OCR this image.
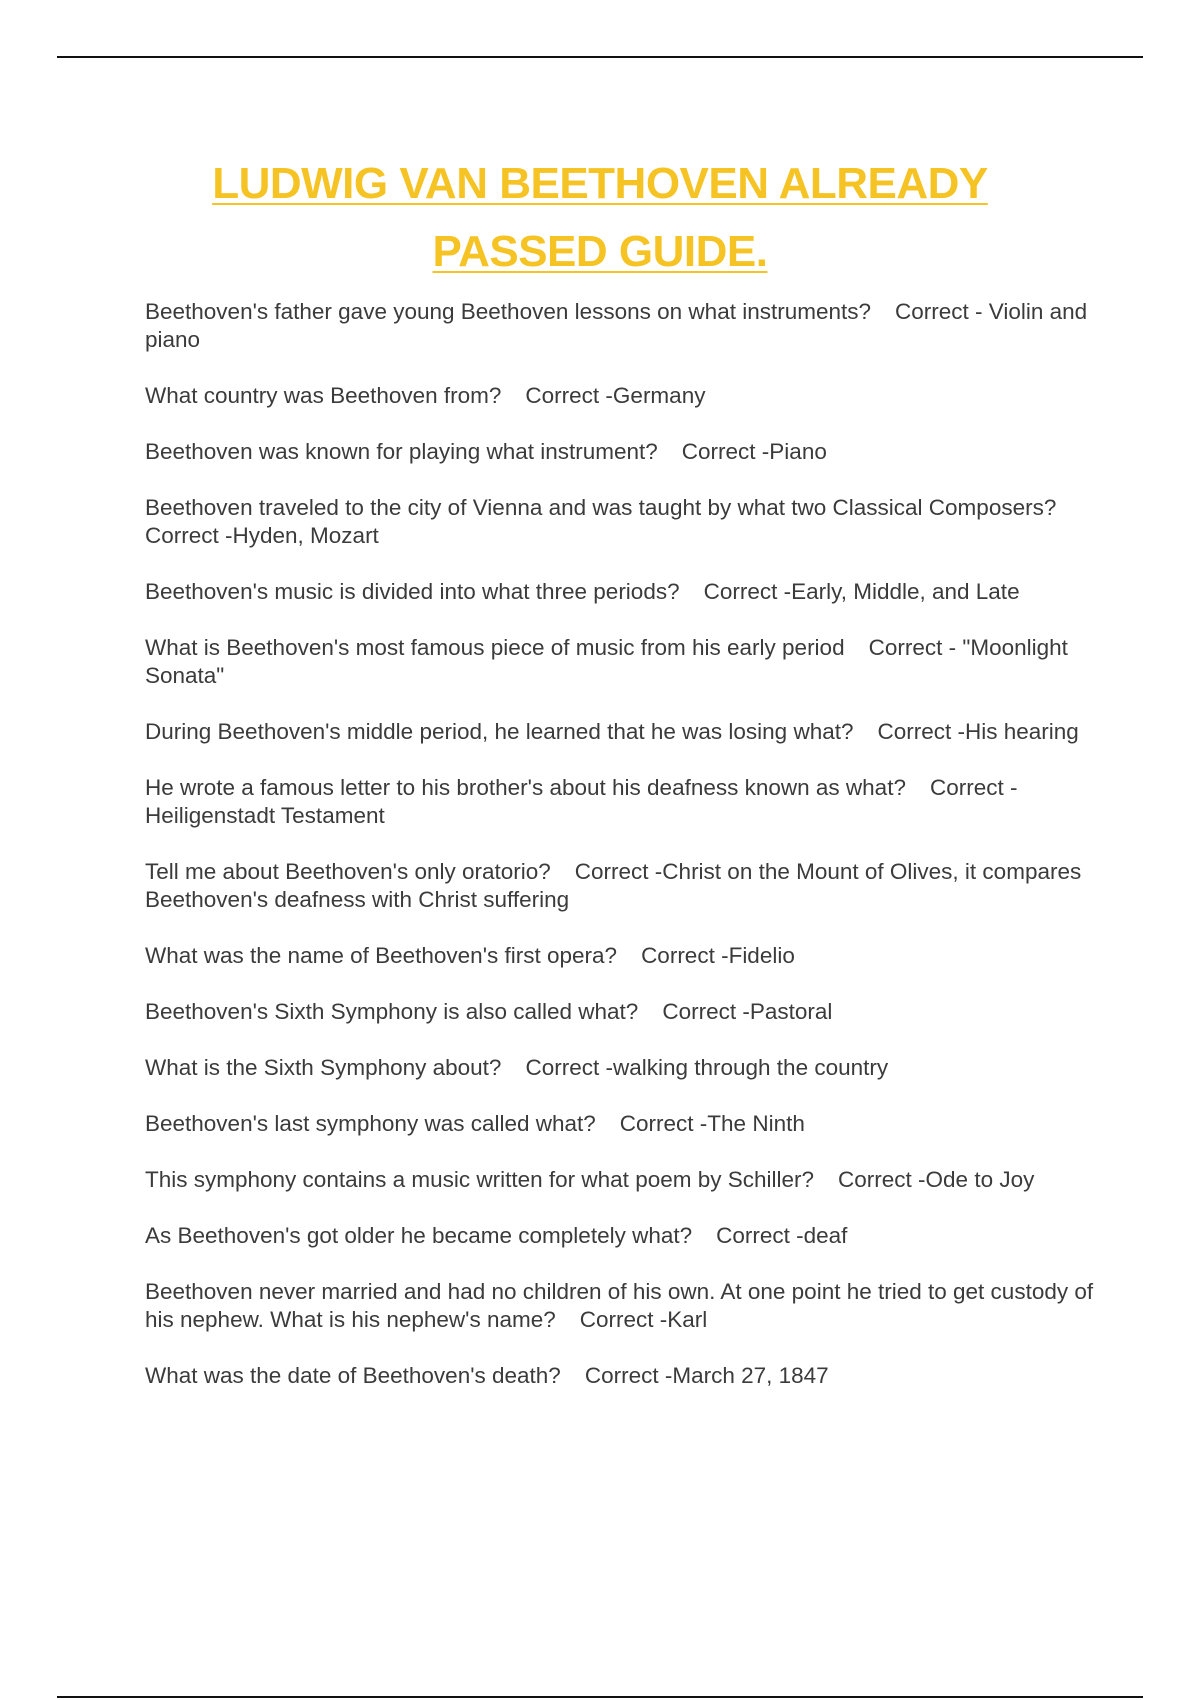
LUDWIG VAN BEETHOVEN ALREADY
PASSED GUIDE.

Beethoven's father gave young Beethoven lessons on what instruments? Correct - Violin and piano

What country was Beethoven from? Correct -Germany

Beethoven was known for playing what instrument? Correct -Piano

Beethoven traveled to the city of Vienna and was taught by what two Classical Composers?Correct -Hyden, Mozart

Beethoven's music is divided into what three periods? Correct -Early, Middle, and Late

What is Beethoven's most famous piece of music from his early period Correct - "Moonlight Sonata"

During Beethoven's middle period, he learned that he was losing what? Correct -His hearing

He wrote a famous letter to his brother's about his deafness known as what? Correct - Heiligenstadt Testament

Tell me about Beethoven's only oratorio? Correct -Christ on the Mount of Olives, it compares Beethoven's deafness with Christ suffering

What was the name of Beethoven's first opera? Correct -Fidelio

Beethoven's Sixth Symphony is also called what? Correct -Pastoral

What is the Sixth Symphony about? Correct -walking through the country

Beethoven's last symphony was called what? Correct -The Ninth

This symphony contains a music written for what poem by Schiller? Correct -Ode to Joy

As Beethoven's got older he became completely what? Correct -deaf

Beethoven never married and had no children of his own. At one point he tried to get custody of his nephew. What is his nephew's name? Correct -Karl

What was the date of Beethoven's death? Correct -March 27, 1847
